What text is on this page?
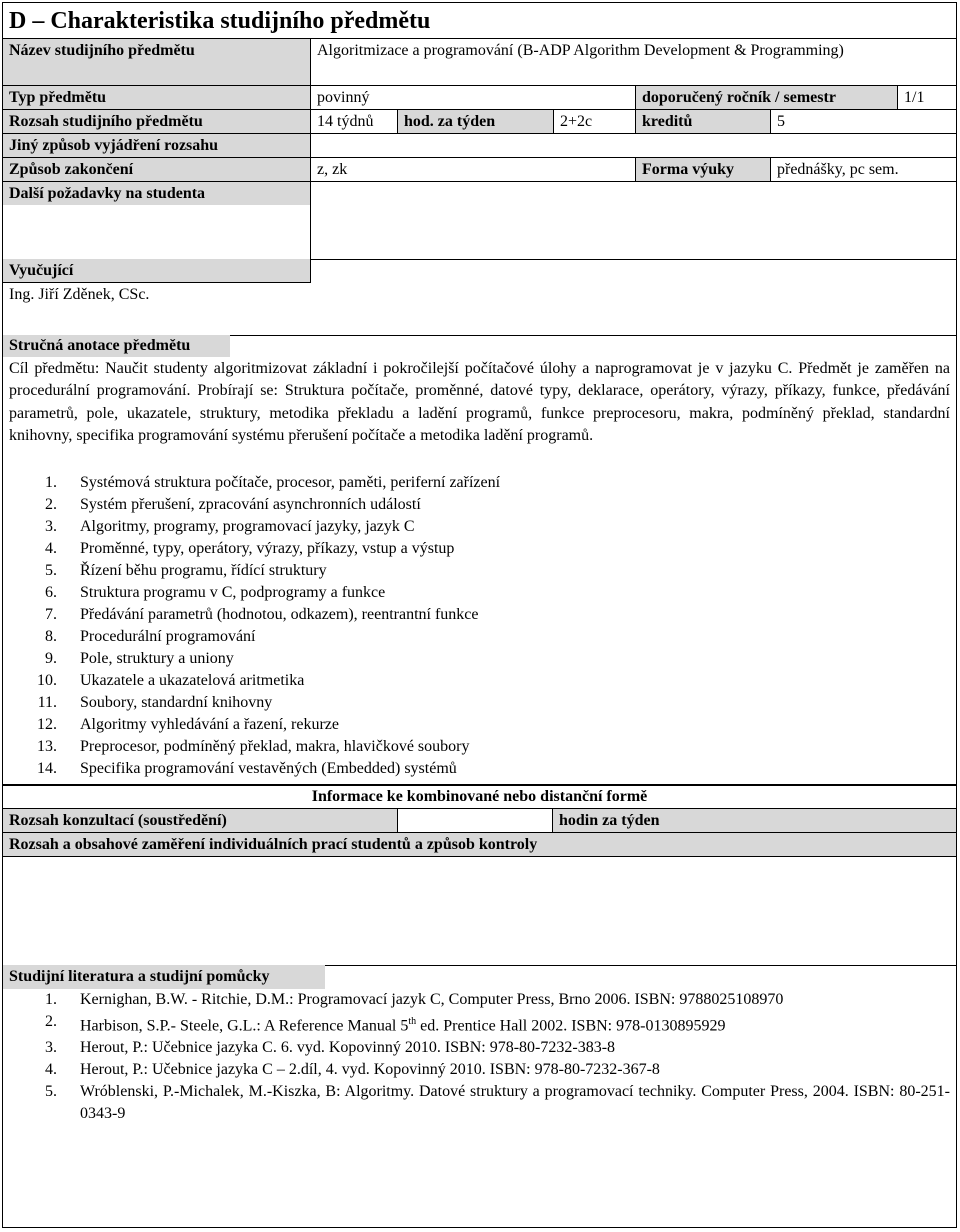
D – Charakteristika studijního předmětu
Název studijního předmětu	Algoritmizace a programování (B-ADP Algorithm Development & Programming)
Typ předmětu	povinný	doporučený ročník / semestr	1/1
Rozsah studijního předmětu	14 týdnů	hod. za týden	2+2c	kreditů	5
Jiný způsob vyjádření rozsahu
Způsob zakončení	z, zk	Forma výuky	přednášky, pc sem.
Další požadavky na studenta
Vyučující
Ing. Jiří Zděnek, CSc.
Stručná anotace předmětu
Cíl předmětu: Naučit studenty algoritmizovat základní i pokročilejší počítačové úlohy a naprogramovat je v jazyku C. Předmět je zaměřen na procedurální programování. Probírají se: Struktura počítače, proměnné, datové typy, deklarace, operátory, výrazy, příkazy, funkce, předávání parametrů, pole, ukazatele, struktury, metodika překladu a ladění programů, funkce preprocesoru, makra, podmíněný překlad, standardní knihovny, specifika programování systému přerušení počítače a metodika ladění programů.
1. Systémová struktura počítače, procesor, paměti, periferní zařízení
2. Systém přerušení, zpracování asynchronních událostí
3. Algoritmy, programy, programovací jazyky, jazyk C
4. Proměnné, typy, operátory, výrazy, příkazy, vstup a výstup
5. Řízení běhu programu, řídící struktury
6. Struktura programu v C, podprogramy a funkce
7. Předávání parametrů (hodnotou, odkazem), reentrantní funkce
8. Procedurální programování
9. Pole, struktury a uniony
10. Ukazatele a ukazatelová aritmetika
11. Soubory, standardní knihovny
12. Algoritmy vyhledávání a řazení, rekurze
13. Preprocesor, podmíněný překlad, makra, hlavičkové soubory
14. Specifika programování vestavěných (Embedded) systémů
Informace ke kombinované nebo distanční formě
Rozsah konzultací (soustředění)	hodin za týden
Rozsah a obsahové zaměření individuálních prací studentů a způsob kontroly
Studijní literatura a studijní pomůcky
1. Kernighan, B.W. - Ritchie, D.M.: Programovací jazyk C, Computer Press, Brno 2006. ISBN: 9788025108970
2. Harbison, S.P.- Steele, G.L.: A Reference Manual 5th ed. Prentice Hall 2002. ISBN: 978-0130895929
3. Herout, P.: Učebnice jazyka C. 6. vyd. Kopovinný 2010. ISBN: 978-80-7232-383-8
4. Herout, P.: Učebnice jazyka C – 2.díl, 4. vyd. Kopovinný 2010. ISBN: 978-80-7232-367-8
5. Wróblenski, P.-Michalek, M.-Kiszka, B: Algoritmy. Datové struktury a programovací techniky. Computer Press, 2004. ISBN: 80-251-0343-9
